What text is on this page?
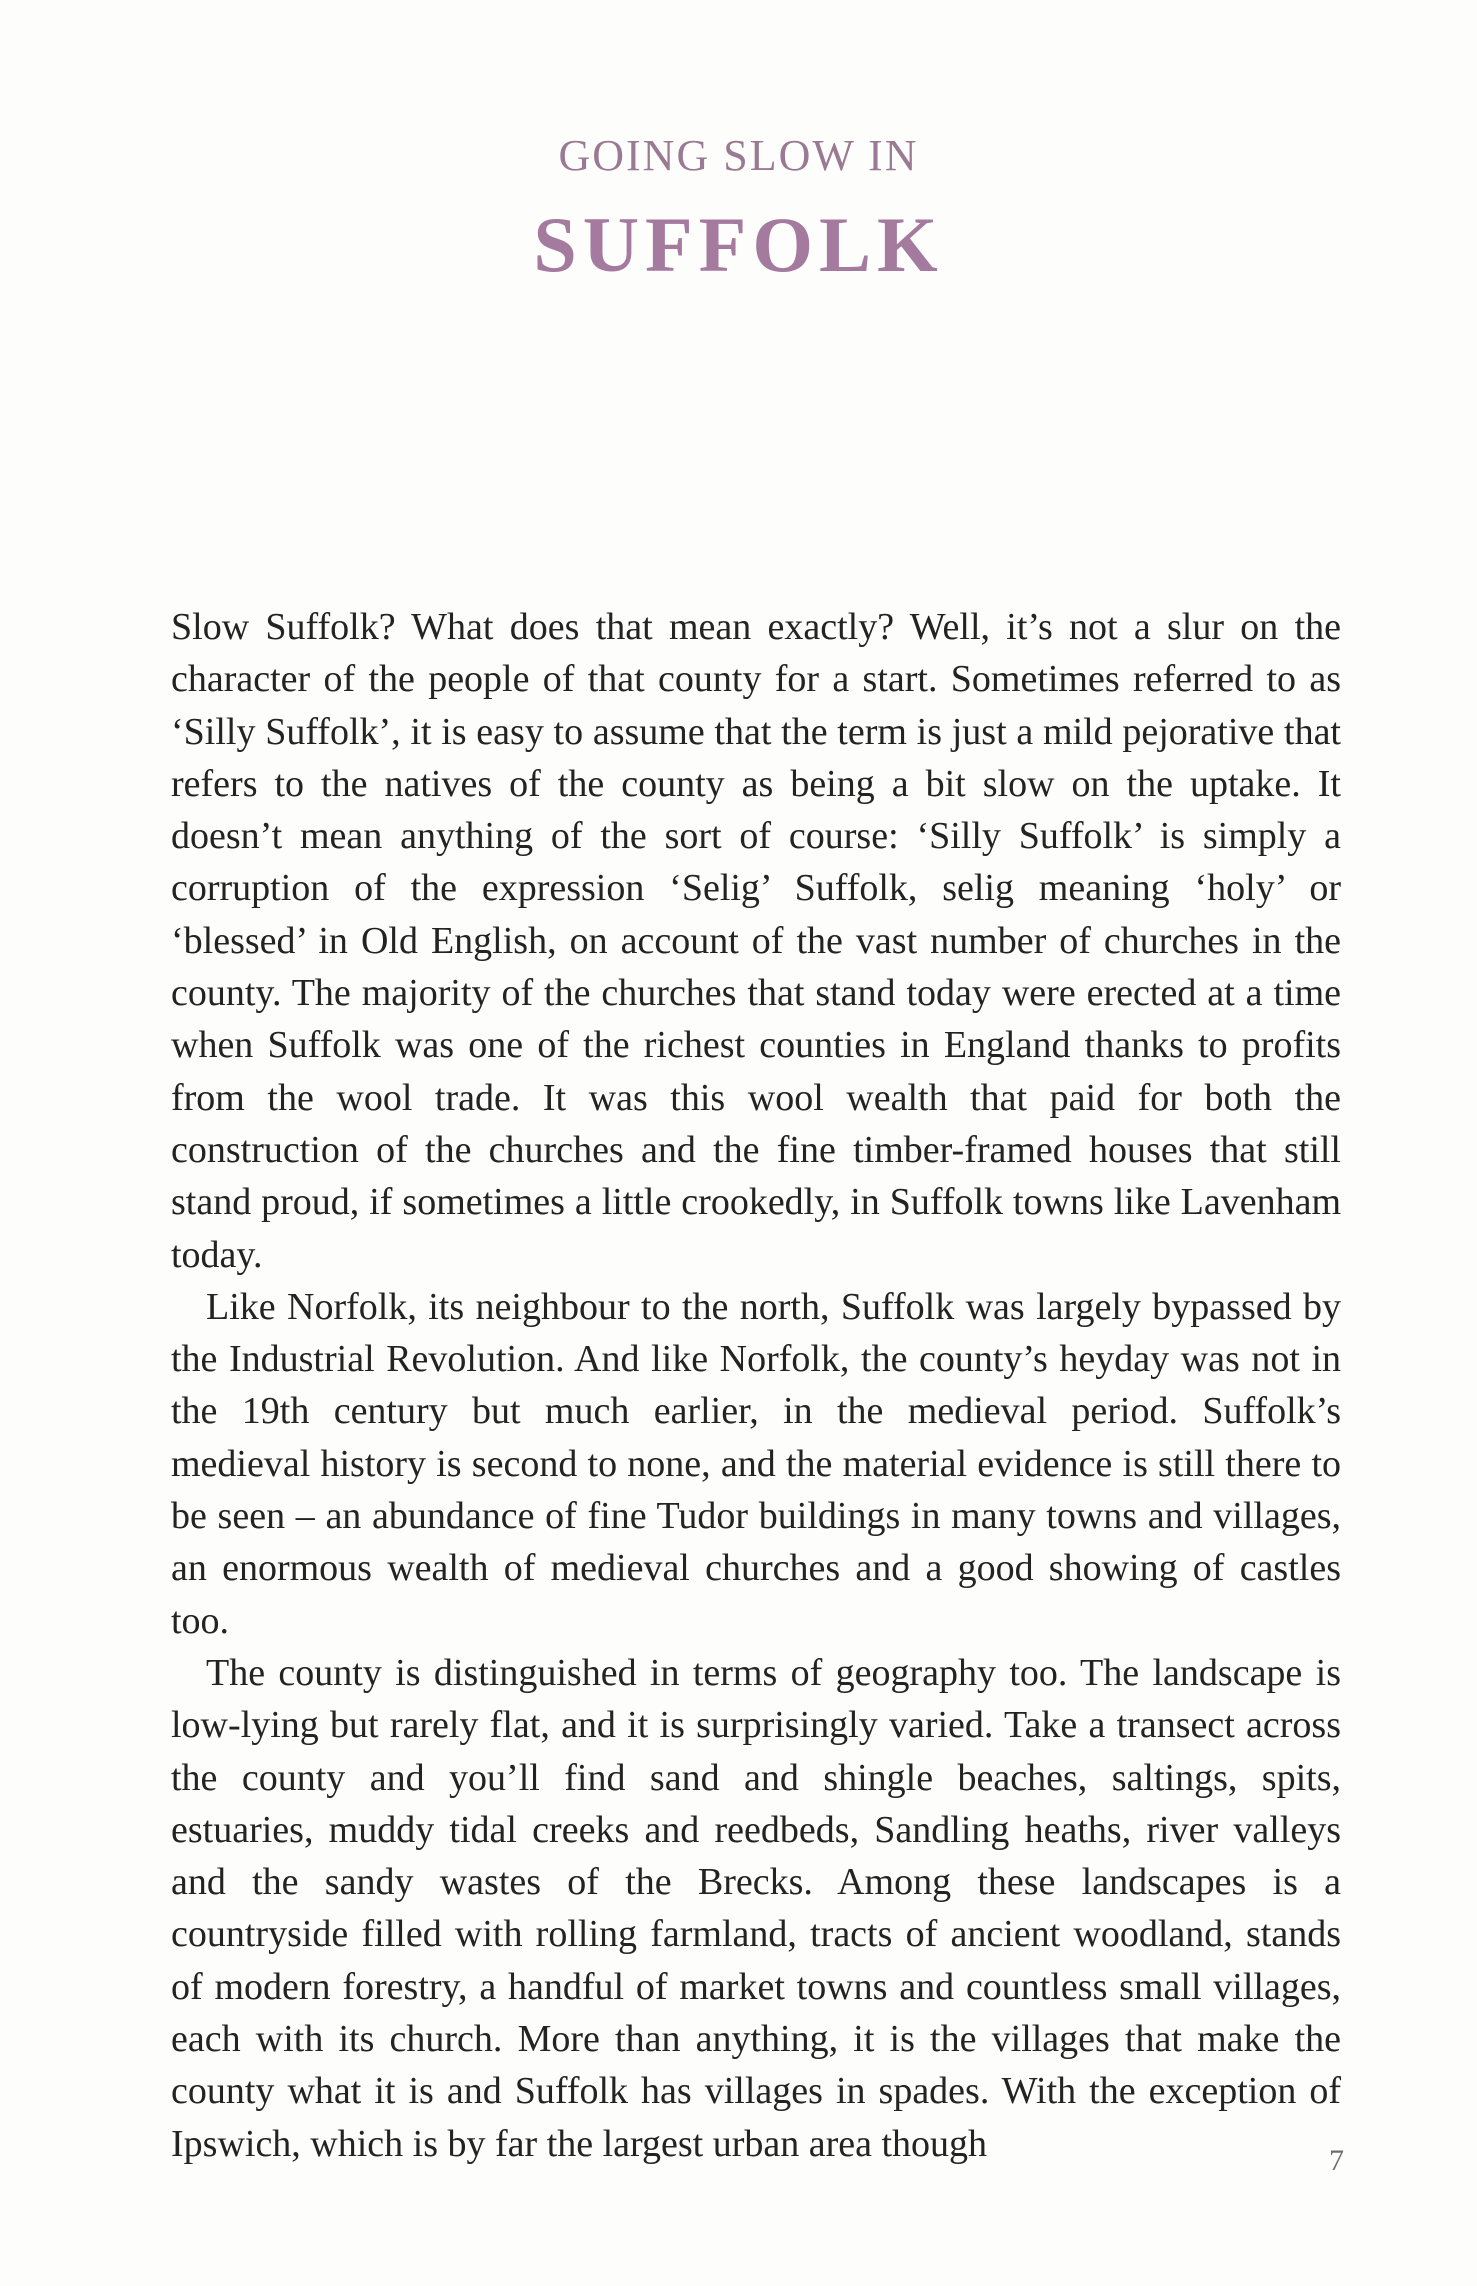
GOING SLOW IN
SUFFOLK

Slow Suffolk? What does that mean exactly? Well, it’s not a slur on the character of the people of that county for a start. Sometimes referred to as ‘Silly Suffolk’, it is easy to assume that the term is just a mild pejorative that refers to the natives of the county as being a bit slow on the uptake. It doesn’t mean anything of the sort of course: ‘Silly Suffolk’ is simply a corruption of the expression ‘Selig’ Suffolk, selig meaning ‘holy’ or ‘blessed’ in Old English, on account of the vast number of churches in the county. The majority of the churches that stand today were erected at a time when Suffolk was one of the richest counties in England thanks to profits from the wool trade. It was this wool wealth that paid for both the construction of the churches and the fine timber-framed houses that still stand proud, if sometimes a little crookedly, in Suffolk towns like Lavenham today.

Like Norfolk, its neighbour to the north, Suffolk was largely bypassed by the Industrial Revolution. And like Norfolk, the county’s heyday was not in the 19th century but much earlier, in the medieval period. Suffolk’s medieval history is second to none, and the material evidence is still there to be seen – an abundance of fine Tudor buildings in many towns and villages, an enormous wealth of medieval churches and a good showing of castles too.

The county is distinguished in terms of geography too. The landscape is low-lying but rarely flat, and it is surprisingly varied. Take a transect across the county and you’ll find sand and shingle beaches, saltings, spits, estuaries, muddy tidal creeks and reedbeds, Sandling heaths, river valleys and the sandy wastes of the Brecks. Among these landscapes is a countryside filled with rolling farmland, tracts of ancient woodland, stands of modern forestry, a handful of market towns and countless small villages, each with its church. More than anything, it is the villages that make the county what it is and Suffolk has villages in spades. With the exception of Ipswich, which is by far the largest urban area though	7
